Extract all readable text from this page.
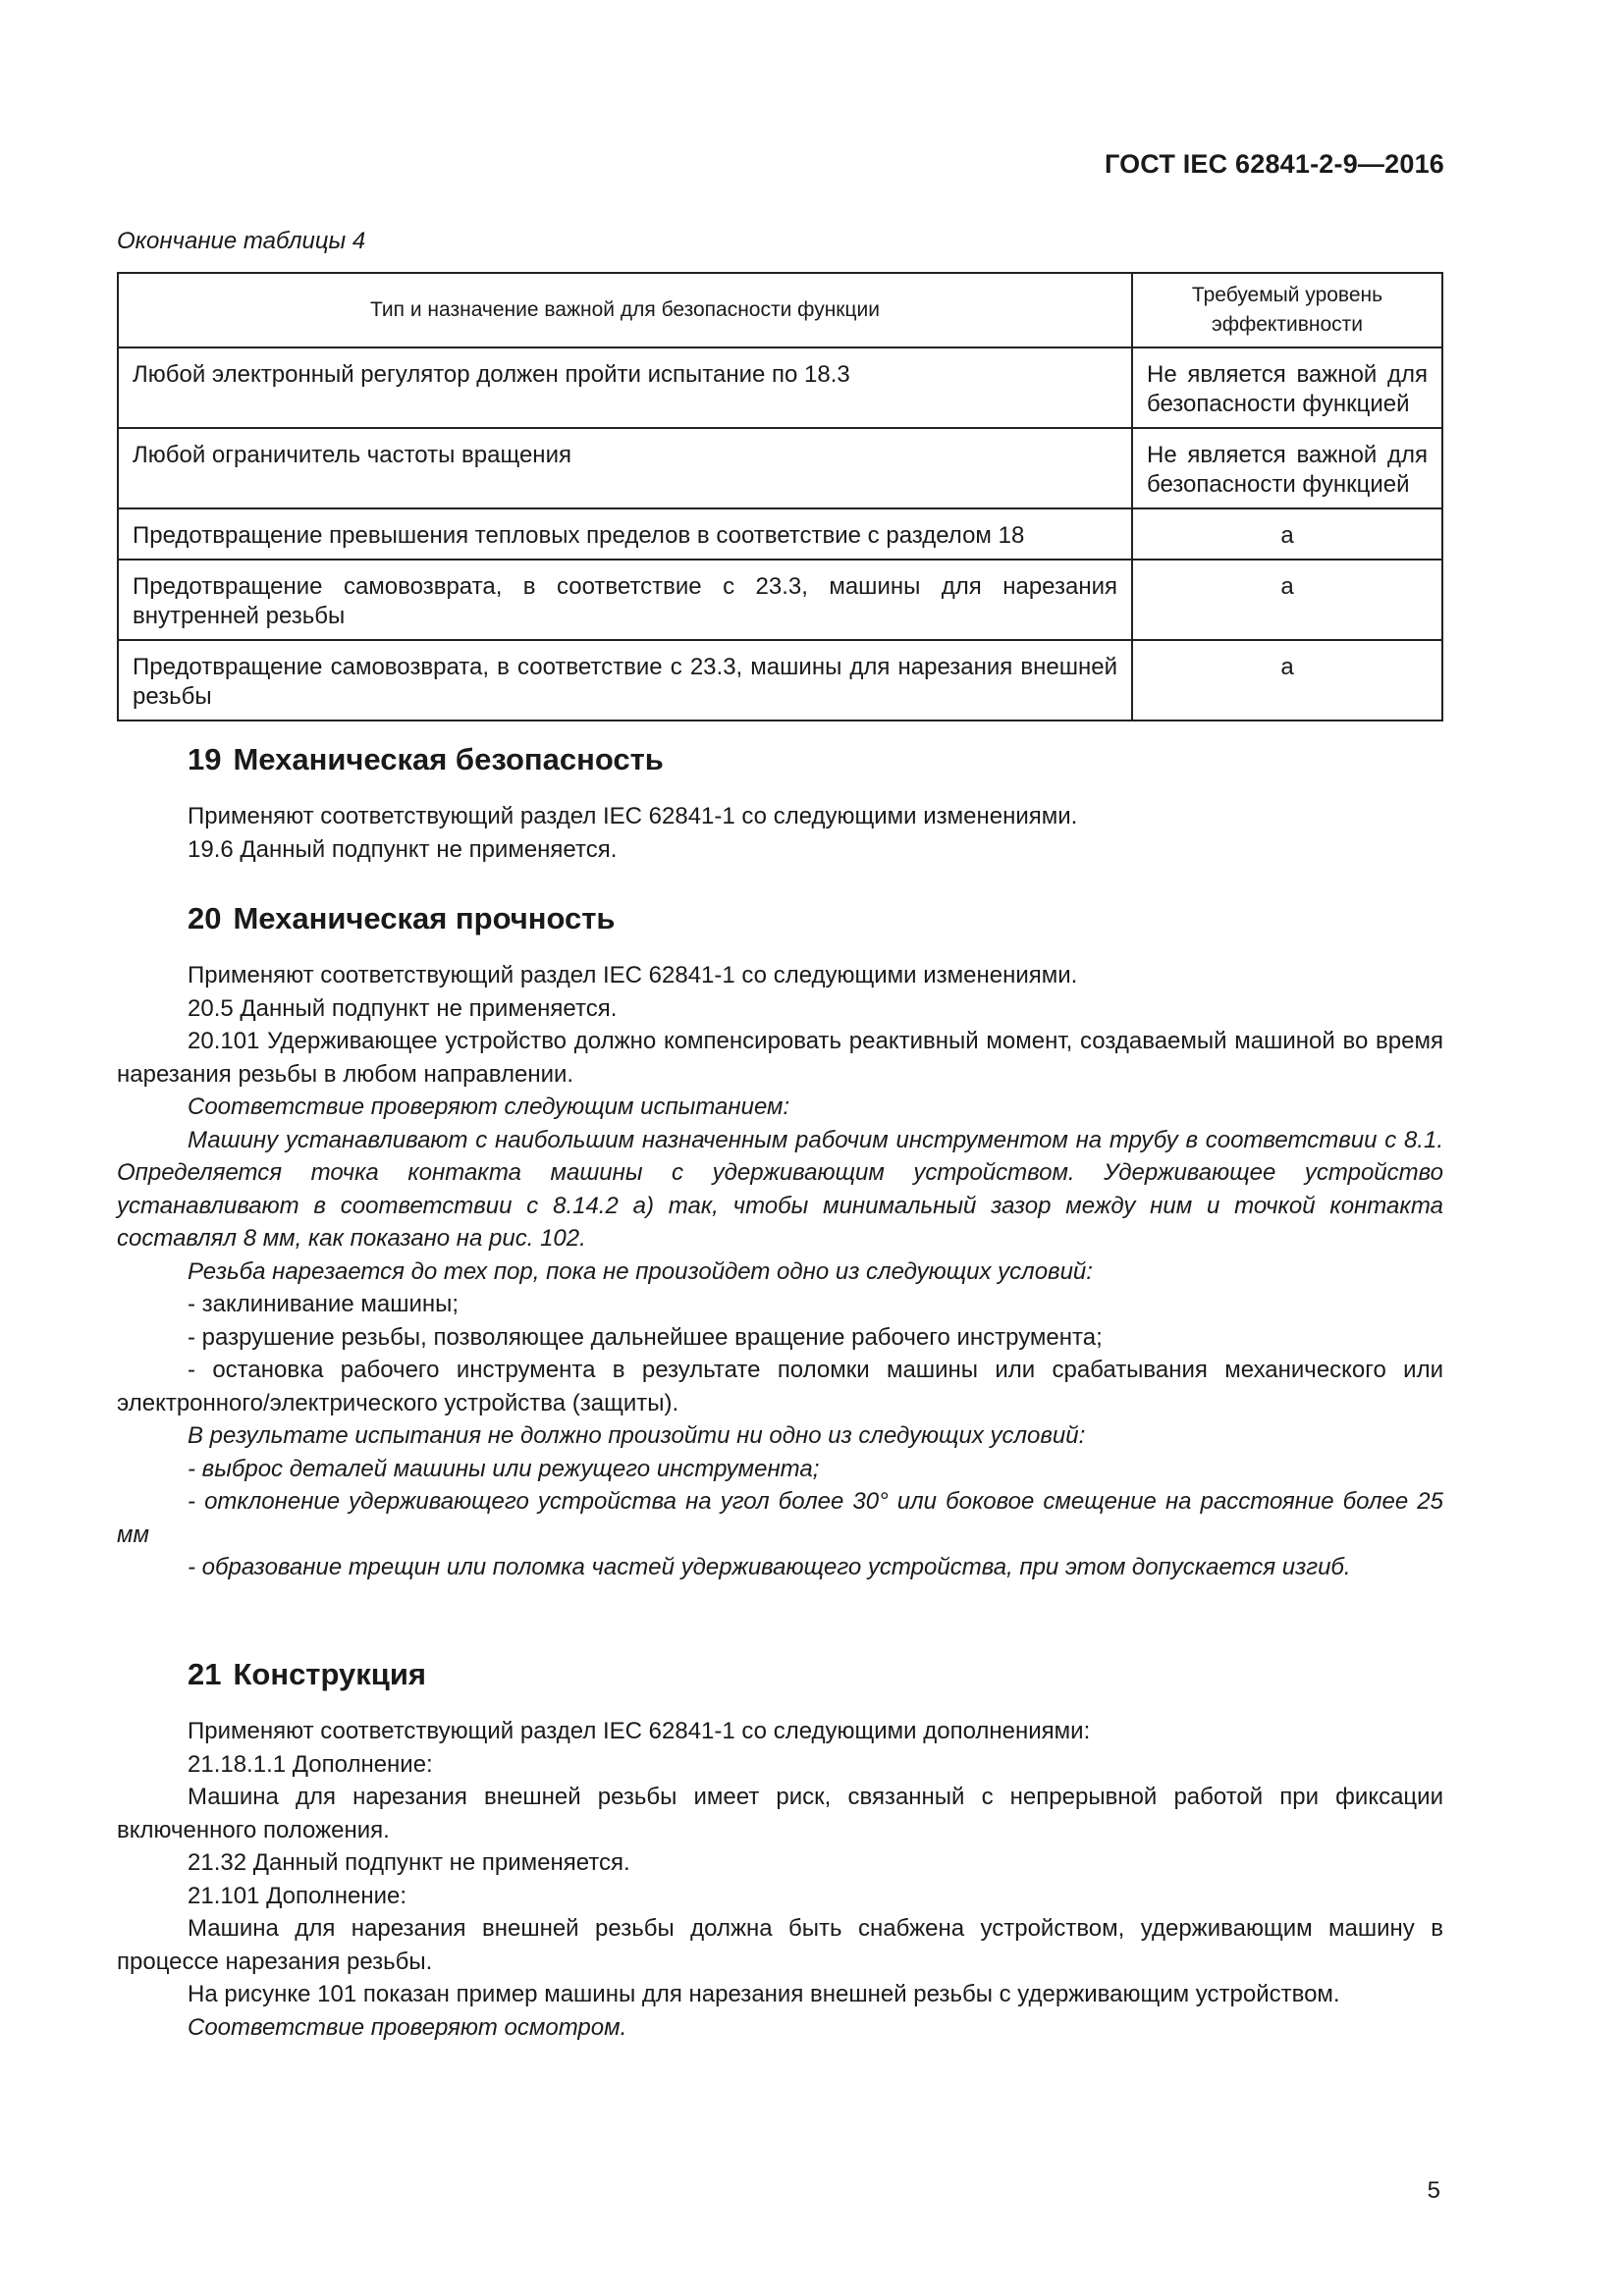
ГОСТ IEC 62841-2-9—2016
Окончание таблицы 4
Тип и назначение важной для безопасности функции	Требуемый уровень эффективности
Любой электронный регулятор должен пройти испытание по 18.3	Не является важной для безопасности функцией
Любой ограничитель частоты вращения	Не является важной для безопасности функцией
Предотвращение превышения тепловых пределов в соответствие с разделом 18	a
Предотвращение самовозврата, в соответствие с 23.3, машины для нарезания внутренней резьбы	a
Предотвращение самовозврата, в соответствие с 23.3, машины для нарезания внешней резьбы	a
19 Механическая безопасность

Применяют соответствующий раздел IEC 62841-1 со следующими изменениями.

19.6 Данный подпункт не применяется.

20 Механическая прочность

Применяют соответствующий раздел IEC 62841-1 со следующими изменениями.

20.5 Данный подпункт не применяется.

20.101 Удерживающее устройство должно компенсировать реактивный момент, создаваемый машиной во время нарезания резьбы в любом направлении.

Соответствие проверяют следующим испытанием:

Машину устанавливают с наибольшим назначенным рабочим инструментом на трубу в соответствии с 8.1. Определяется точка контакта машины с удерживающим устройством. Удерживающее устройство устанавливают в соответствии с 8.14.2 a) так, чтобы минимальный зазор между ним и точкой контакта составлял 8 мм, как показано на рис. 102.

Резьба нарезается до тех пор, пока не произойдет одно из следующих условий:

- заклинивание машины;

- разрушение резьбы, позволяющее дальнейшее вращение рабочего инструмента;

- остановка рабочего инструмента в результате поломки машины или срабатывания механического или электронного/электрического устройства (защиты).

В результате испытания не должно произойти ни одно из следующих условий:

- выброс деталей машины или режущего инструмента;

- отклонение удерживающего устройства на угол более 30° или боковое смещение на расстояние более 25 мм

- образование трещин или поломка частей удерживающего устройства, при этом допускается изгиб.

21 Конструкция

Применяют соответствующий раздел IEC 62841-1 со следующими дополнениями:

21.18.1.1 Дополнение:

Машина для нарезания внешней резьбы имеет риск, связанный с непрерывной работой при фиксации включенного положения.

21.32 Данный подпункт не применяется.

21.101 Дополнение:

Машина для нарезания внешней резьбы должна быть снабжена устройством, удерживающим машину в процессе нарезания резьбы.

На рисунке 101 показан пример машины для нарезания внешней резьбы с удерживающим устройством.

Соответствие проверяют осмотром.

5
